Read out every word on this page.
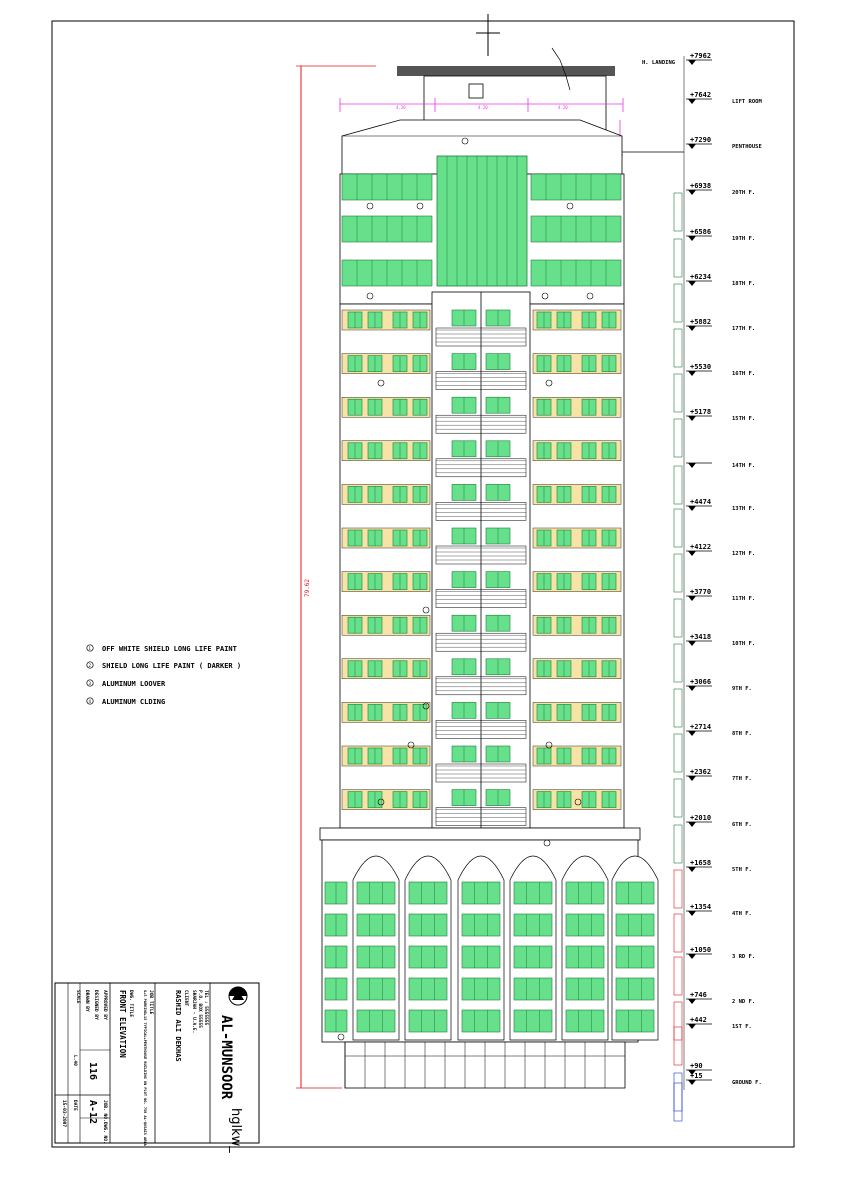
79.62
4.20	4.20	4.20
+7962
H. LANDING
+7642
LIFT ROOM
+7290
PENTHOUSE
+6938
20TH F.
+6586
19TH F.
+6234
18TH F.
+5882
17TH F.
+5530
16TH F.
+5178
15TH F.
14TH F.
+4474
13TH F.
+4122
12TH F.
+3770
11TH F.
+3418
10TH F.
+3066
9TH F.
+2714
8TH F.
+2362
7TH F.
+2010
6TH F.
+1658
5TH F.
+1354
4TH F.
+1050
3 RD F.
+746
2 ND F.
+442
1ST F.
+90
+15
GROUND F.
1 OFF WHITE SHIELD LONG LIFE PAINT
2 SHIELD LONG LIFE PAINT ( DARKER )
3 ALUMINUM LOOVER
4 ALUMINUM CLDING
AL-MUNSOOR
TEL : 5555555
P.O. BOX 55555
SHARJAH - U.A.E.
CLIENT
RASHID ALI DEKHAS
JOB TITLE
G+5 PARKING+15 TYPICAL+PENTHOUSE BUILDING ON PLOT NO. 758 AL-QUSAIS AREA
DWG. TITLE
FRONT ELEVATION
APPROVED BY
DESIGNED BY
DRAWN BY
SCALE
L.40
JOB. NO.
116
DWG. NO.
A-12
DATE
15-03-2007	hglkw_
